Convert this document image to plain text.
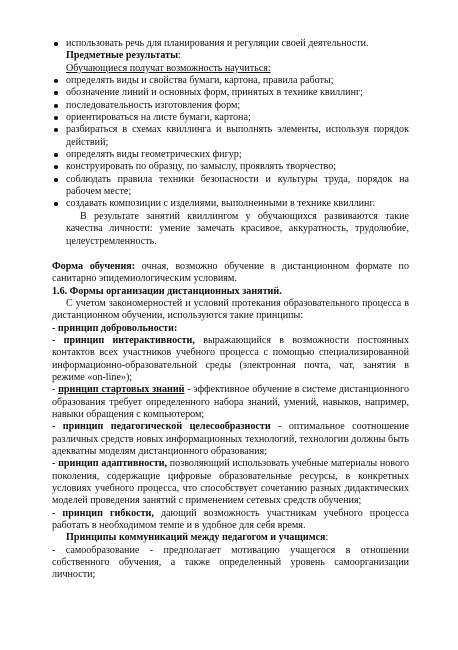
использовать речь для планирования и регуляции своей деятельности.

Предметные результаты:

Обучающиеся получат возможность научиться:

определять виды и свойства бумаги, картона, правила работы;
обозначение линий и основных форм, принятых в технике квиллинг;
последовательность изготовления форм;
ориентироваться на листе бумаги, картона;
разбираться в схемах квиллинга и выполнять элементы, используя порядок действий;
определять виды геометрических фигур;
конструировать по образцу, по замыслу, проявлять творчество;
соблюдать правила техники безопасности и культуры труда, порядок на рабочем месте;
создавать композиции с изделиями, выполненными в технике квиллинг.

В результате занятий квиллингом у обучающихся развиваются такие качества личности: умение замечать красивое, аккуратность, трудолюбие, целеустремленность.

Форма обучения: очная, возможно обучение в дистанционном формате по санитарно эпидемиологическим условиям.

1.6. Формы организации дистанционных занятий.

С учетом закономерностей и условий протекания образовательного процесса в дистанционном обучении, используются такие принципы:

- принцип добровольности:

- принцип интерактивности, выражающийся в возможности постоянных контактов всех участников учебного процесса с помощью специализированной информационно-образовательной среды (электронная почта, чат, занятия в режиме «on-line»);

- принцип стартовых знаний - эффективное обучение в системе дистанционного образования требует определенного набора знаний, умений, навыков, например, навыки обращения с компьютером;

- принцип педагогической целесообразности - оптимальное соотношение различных средств новых информационных технологий, технологии должны быть адекватны моделям дистанционного образования;

- принцип адаптивности, позволяющий использовать учебные материалы нового поколения, содержащие цифровые образовательные ресурсы, в конкретных условиях учебного процесса, что способствует сочетанию разных дидактических моделей проведения занятий с применением сетевых средств обучения;

- принцип гибкости, дающий возможность участникам учебного процесса работать в необходимом темпе и в удобное для себя время.

Принципы коммуникаций между педагогом и учащимся:

- самообразование - предполагает мотивацию учащегося в отношении собственного обучения, а также определенный уровень самоорганизации личности;
